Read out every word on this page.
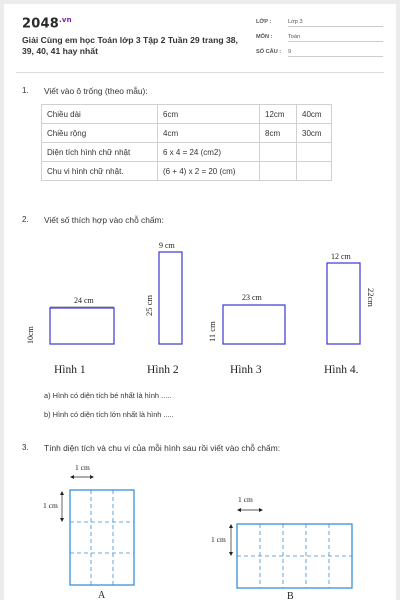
$2048^{.vn}$
Giải Cùng em học Toán lớp 3 Tập 2 Tuần 29 trang 38, 39, 40, 41 hay nhất
LỚP :	Lớp 3
MÔN :	Toán
SỐ CÂU : 9
1. Viết vào ô trống (theo mẫu):
Chiều dài	6cm	12cm	40cm
Chiều rộng	4cm	8cm	30cm
Diện tích hình chữ nhật	6 x 4 = 24 (cm2)		
Chu vi hình chữ nhật.	(6 + 4) x 2 = 20 (cm)		
2. Viết số thích hợp vào chỗ chấm:
24 cm
10cm
9 cm
25 cm	23 cm
11 cm
12 cm
22cm
Hình 1	Hình 2	Hình 3	Hình 4.
a) Hình có diện tích bé nhất là hình .....
b) Hình có diện tích lớn nhất là hình .....
3. Tính diện tích và chu vi của mỗi hình sau rồi viết vào chỗ chấm:
1 cm
1 cm
1 cm
1 cm
A	B
